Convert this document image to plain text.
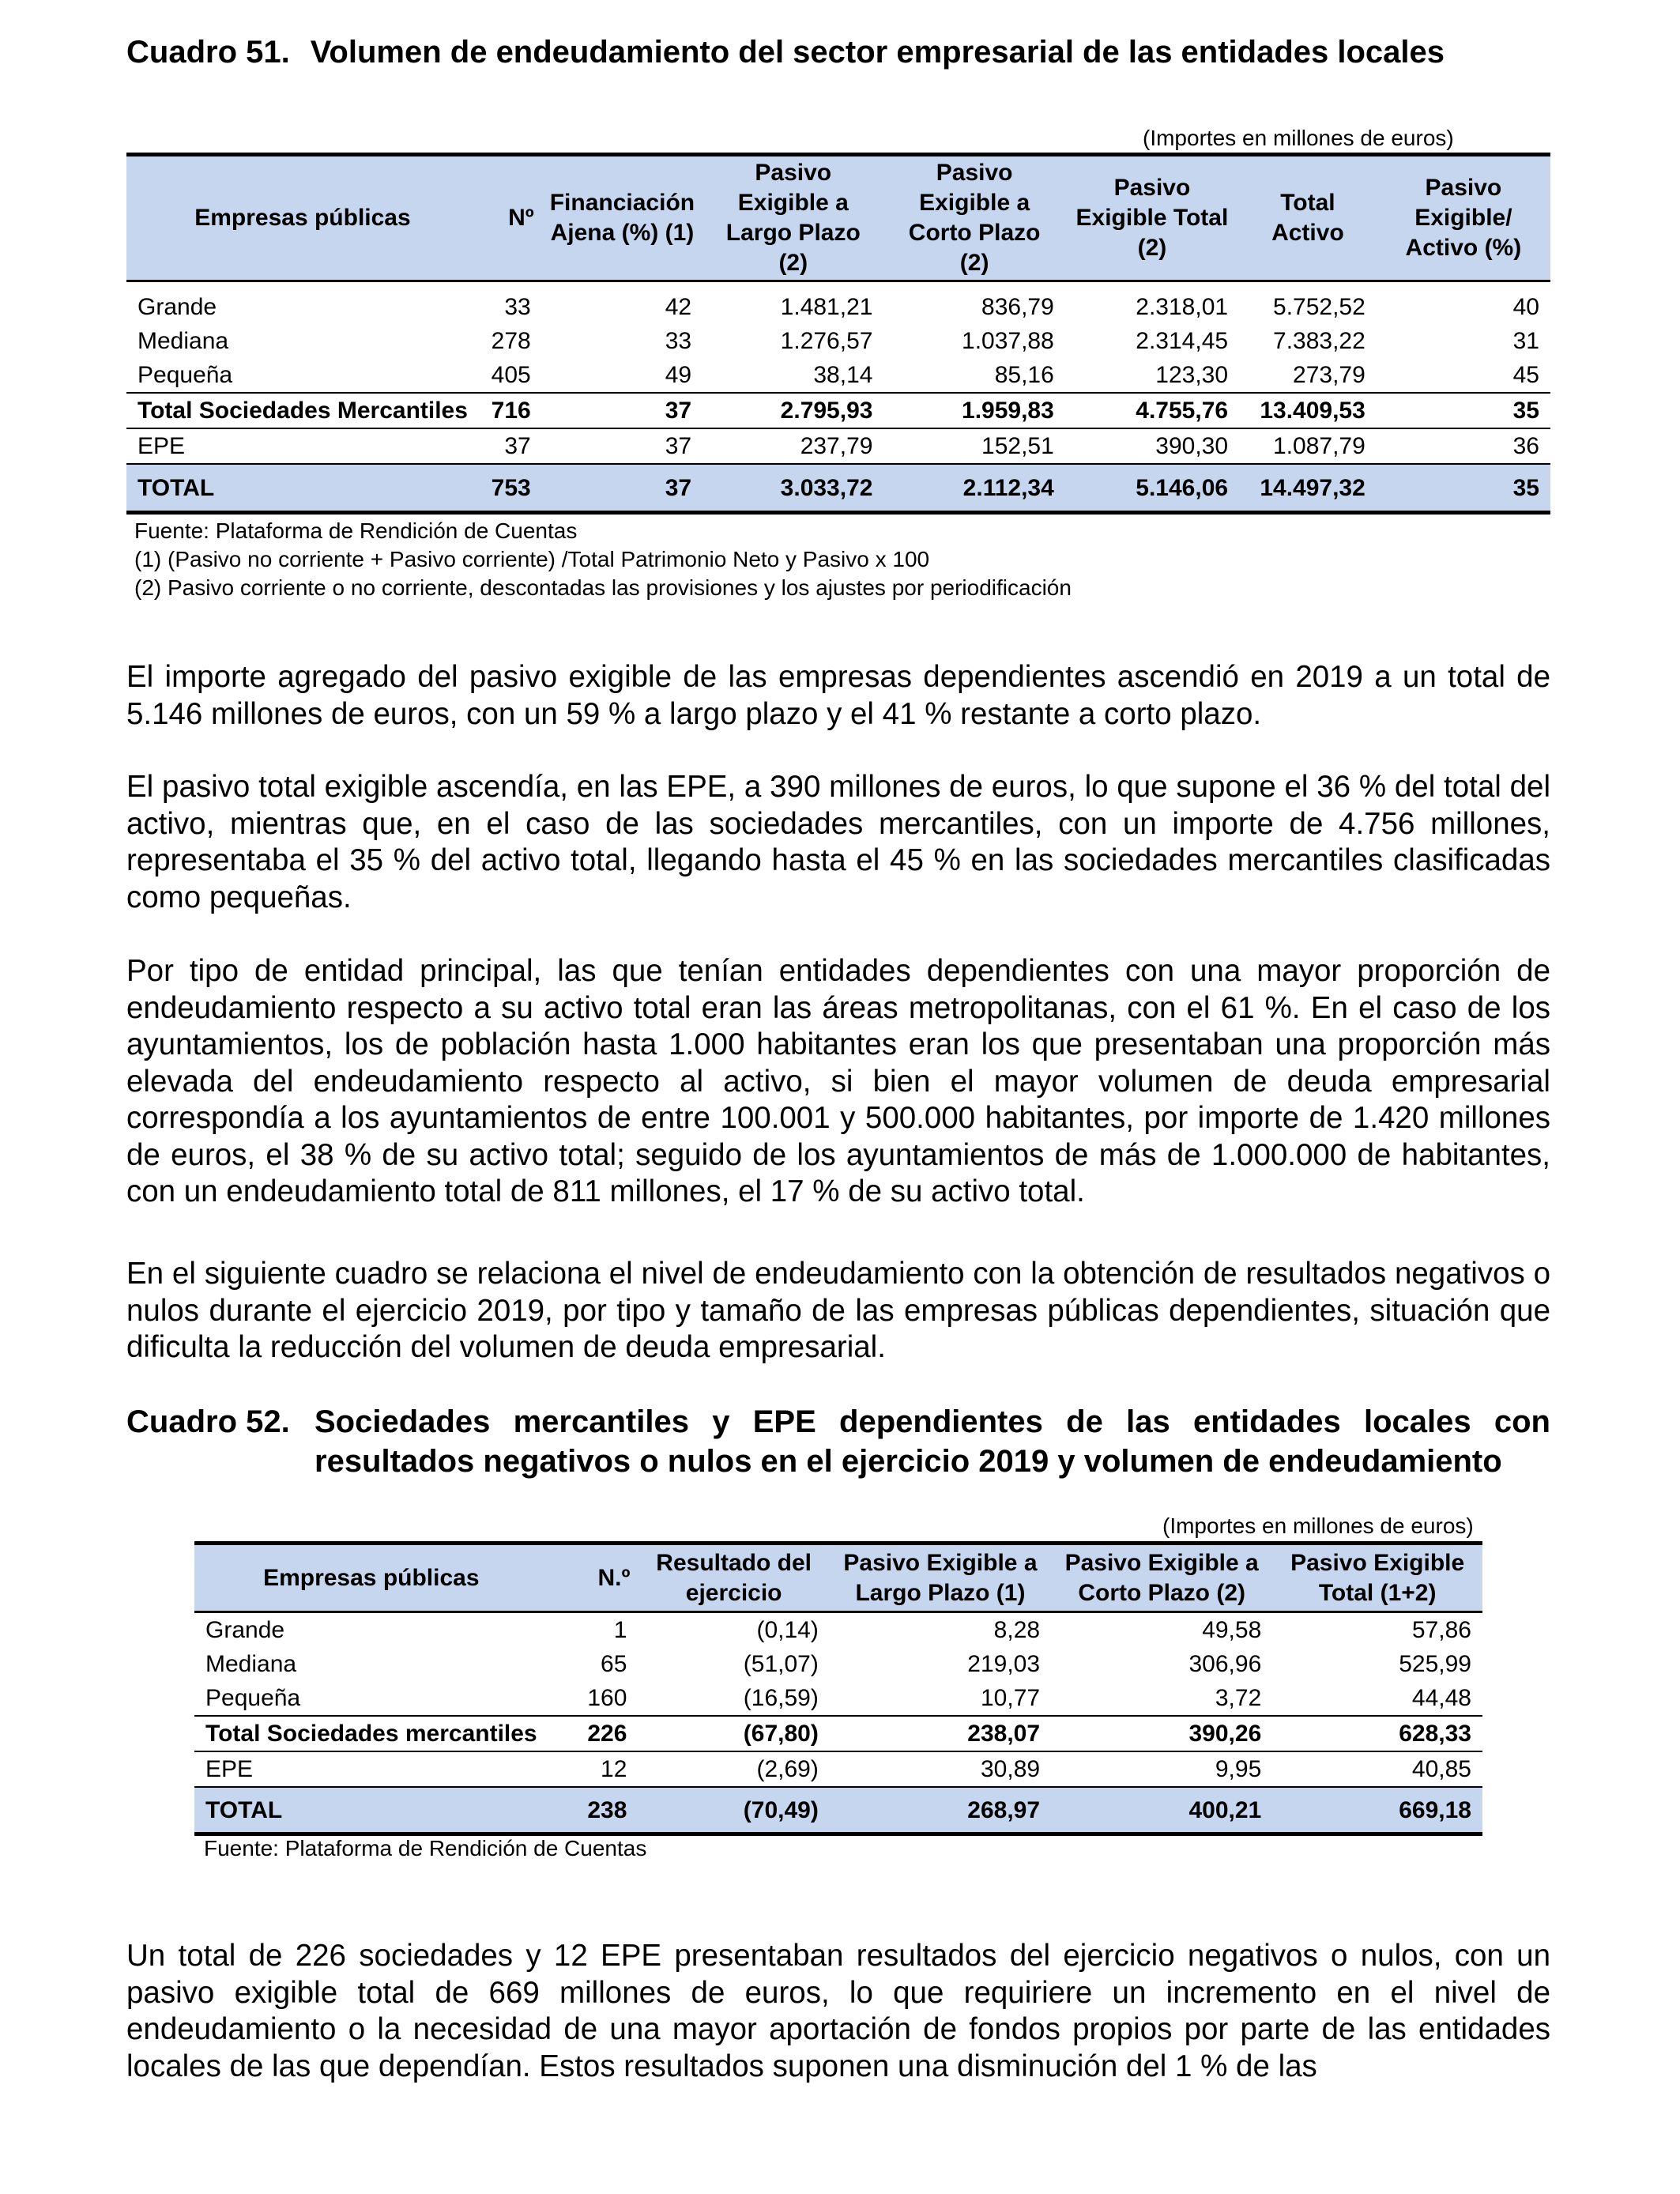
Cuadro 51. Volumen de endeudamiento del sector empresarial de las entidades locales
(Importes en millones de euros)
Empresas públicas	Nº	Financiación Ajena (%) (1)	Pasivo Exigible a Largo Plazo (2)	Pasivo Exigible a Corto Plazo (2)	Pasivo Exigible Total (2)	Total Activo	Pasivo Exigible/ Activo (%)
Grande	33	42	1.481,21	836,79	2.318,01	5.752,52	40
Mediana	278	33	1.276,57	1.037,88	2.314,45	7.383,22	31
Pequeña	405	49	38,14	85,16	123,30	273,79	45
Total Sociedades Mercantiles	716	37	2.795,93	1.959,83	4.755,76	13.409,53	35
EPE	37	37	237,79	152,51	390,30	1.087,79	36
TOTAL	753	37	3.033,72	2.112,34	5.146,06	14.497,32	35
Fuente: Plataforma de Rendición de Cuentas
(1) (Pasivo no corriente + Pasivo corriente) /Total Patrimonio Neto y Pasivo x 100
(2) Pasivo corriente o no corriente, descontadas las provisiones y los ajustes por periodificación

El importe agregado del pasivo exigible de las empresas dependientes ascendió en 2019 a un total de 5.146 millones de euros, con un 59 % a largo plazo y el 41 % restante a corto plazo.

El pasivo total exigible ascendía, en las EPE, a 390 millones de euros, lo que supone el 36 % del total del activo, mientras que, en el caso de las sociedades mercantiles, con un importe de 4.756 millones, representaba el 35 % del activo total, llegando hasta el 45 % en las sociedades mercantiles clasificadas como pequeñas.

Por tipo de entidad principal, las que tenían entidades dependientes con una mayor proporción de endeudamiento respecto a su activo total eran las áreas metropolitanas, con el 61 %. En el caso de los ayuntamientos, los de población hasta 1.000 habitantes eran los que presentaban una proporción más elevada del endeudamiento respecto al activo, si bien el mayor volumen de deuda empresarial correspondía a los ayuntamientos de entre 100.001 y 500.000 habitantes, por importe de 1.420 millones de euros, el 38 % de su activo total; seguido de los ayuntamientos de más de 1.000.000 de habitantes, con un endeudamiento total de 811 millones, el 17 % de su activo total.

En el siguiente cuadro se relaciona el nivel de endeudamiento con la obtención de resultados negativos o nulos durante el ejercicio 2019, por tipo y tamaño de las empresas públicas dependientes, situación que dificulta la reducción del volumen de deuda empresarial.

Cuadro 52. Sociedades mercantiles y EPE dependientes de las entidades locales con resultados negativos o nulos en el ejercicio 2019 y volumen de endeudamiento
(Importes en millones de euros)
Empresas públicas	N.º	Resultado del ejercicio	Pasivo Exigible a Largo Plazo (1)	Pasivo Exigible a Corto Plazo (2)	Pasivo Exigible Total (1+2)
Grande	1	(0,14)	8,28	49,58	57,86
Mediana	65	(51,07)	219,03	306,96	525,99
Pequeña	160	(16,59)	10,77	3,72	44,48
Total Sociedades mercantiles	226	(67,80)	238,07	390,26	628,33
EPE	12	(2,69)	30,89	9,95	40,85
TOTAL	238	(70,49)	268,97	400,21	669,18
Fuente: Plataforma de Rendición de Cuentas

Un total de 226 sociedades y 12 EPE presentaban resultados del ejercicio negativos o nulos, con un pasivo exigible total de 669 millones de euros, lo que requiriere un incremento en el nivel de endeudamiento o la necesidad de una mayor aportación de fondos propios por parte de las entidades locales de las que dependían. Estos resultados suponen una disminución del 1 % de las
